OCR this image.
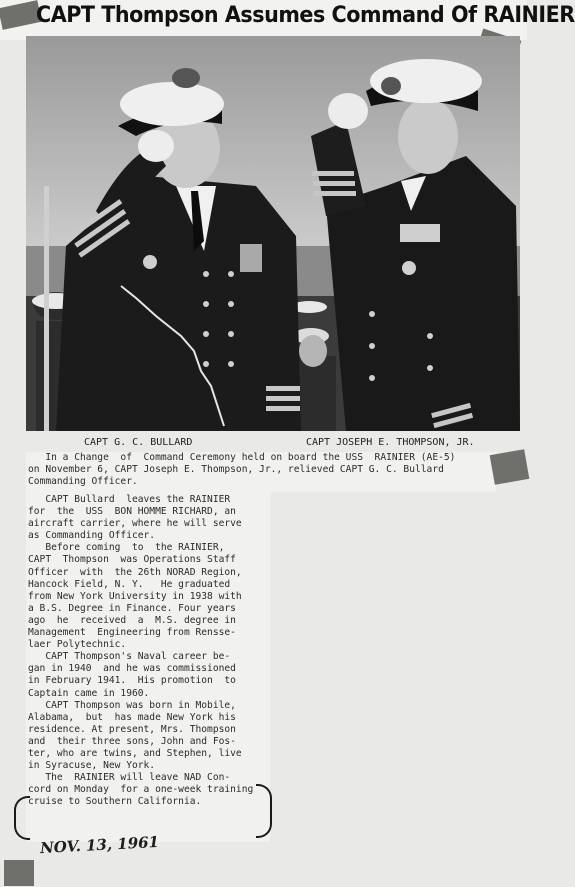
CAPT Thompson Assumes Command Of RAINIER
CAPT G. C. BULLARD	CAPT JOSEPH E. THOMPSON, JR.
In a Change  of  Command Ceremony held on board the USS  RAINIER (AE-5)
on November 6, CAPT Joseph E. Thompson, Jr., relieved CAPT G. C. Bullard
Commanding Officer.
CAPT Bullard  leaves the RAINIER
for  the  USS  BON HOMME RICHARD, an
aircraft carrier, where he will serve
as Commanding Officer.
Before coming  to  the RAINIER,
CAPT  Thompson  was Operations Staff
Officer  with  the 26th NORAD Region,
Hancock Field, N. Y.   He graduated
from New York University in 1938 with
a B.S. Degree in Finance. Four years
ago  he  received  a  M.S. degree in
Management  Engineering from Rensse-
laer Polytechnic.
CAPT Thompson's Naval career be-
gan in 1940  and he was commissioned
in February 1941.  His promotion  to
Captain came in 1960.
CAPT Thompson was born in Mobile,
Alabama,  but  has made New York his
residence. At present, Mrs. Thompson
and  their three sons, John and Fos-
ter, who are twins, and Stephen, live
in Syracuse, New York.
The  RAINIER will leave NAD Con-
cord on Monday  for a one-week training
cruise to Southern California.
NOV. 13, 1961
